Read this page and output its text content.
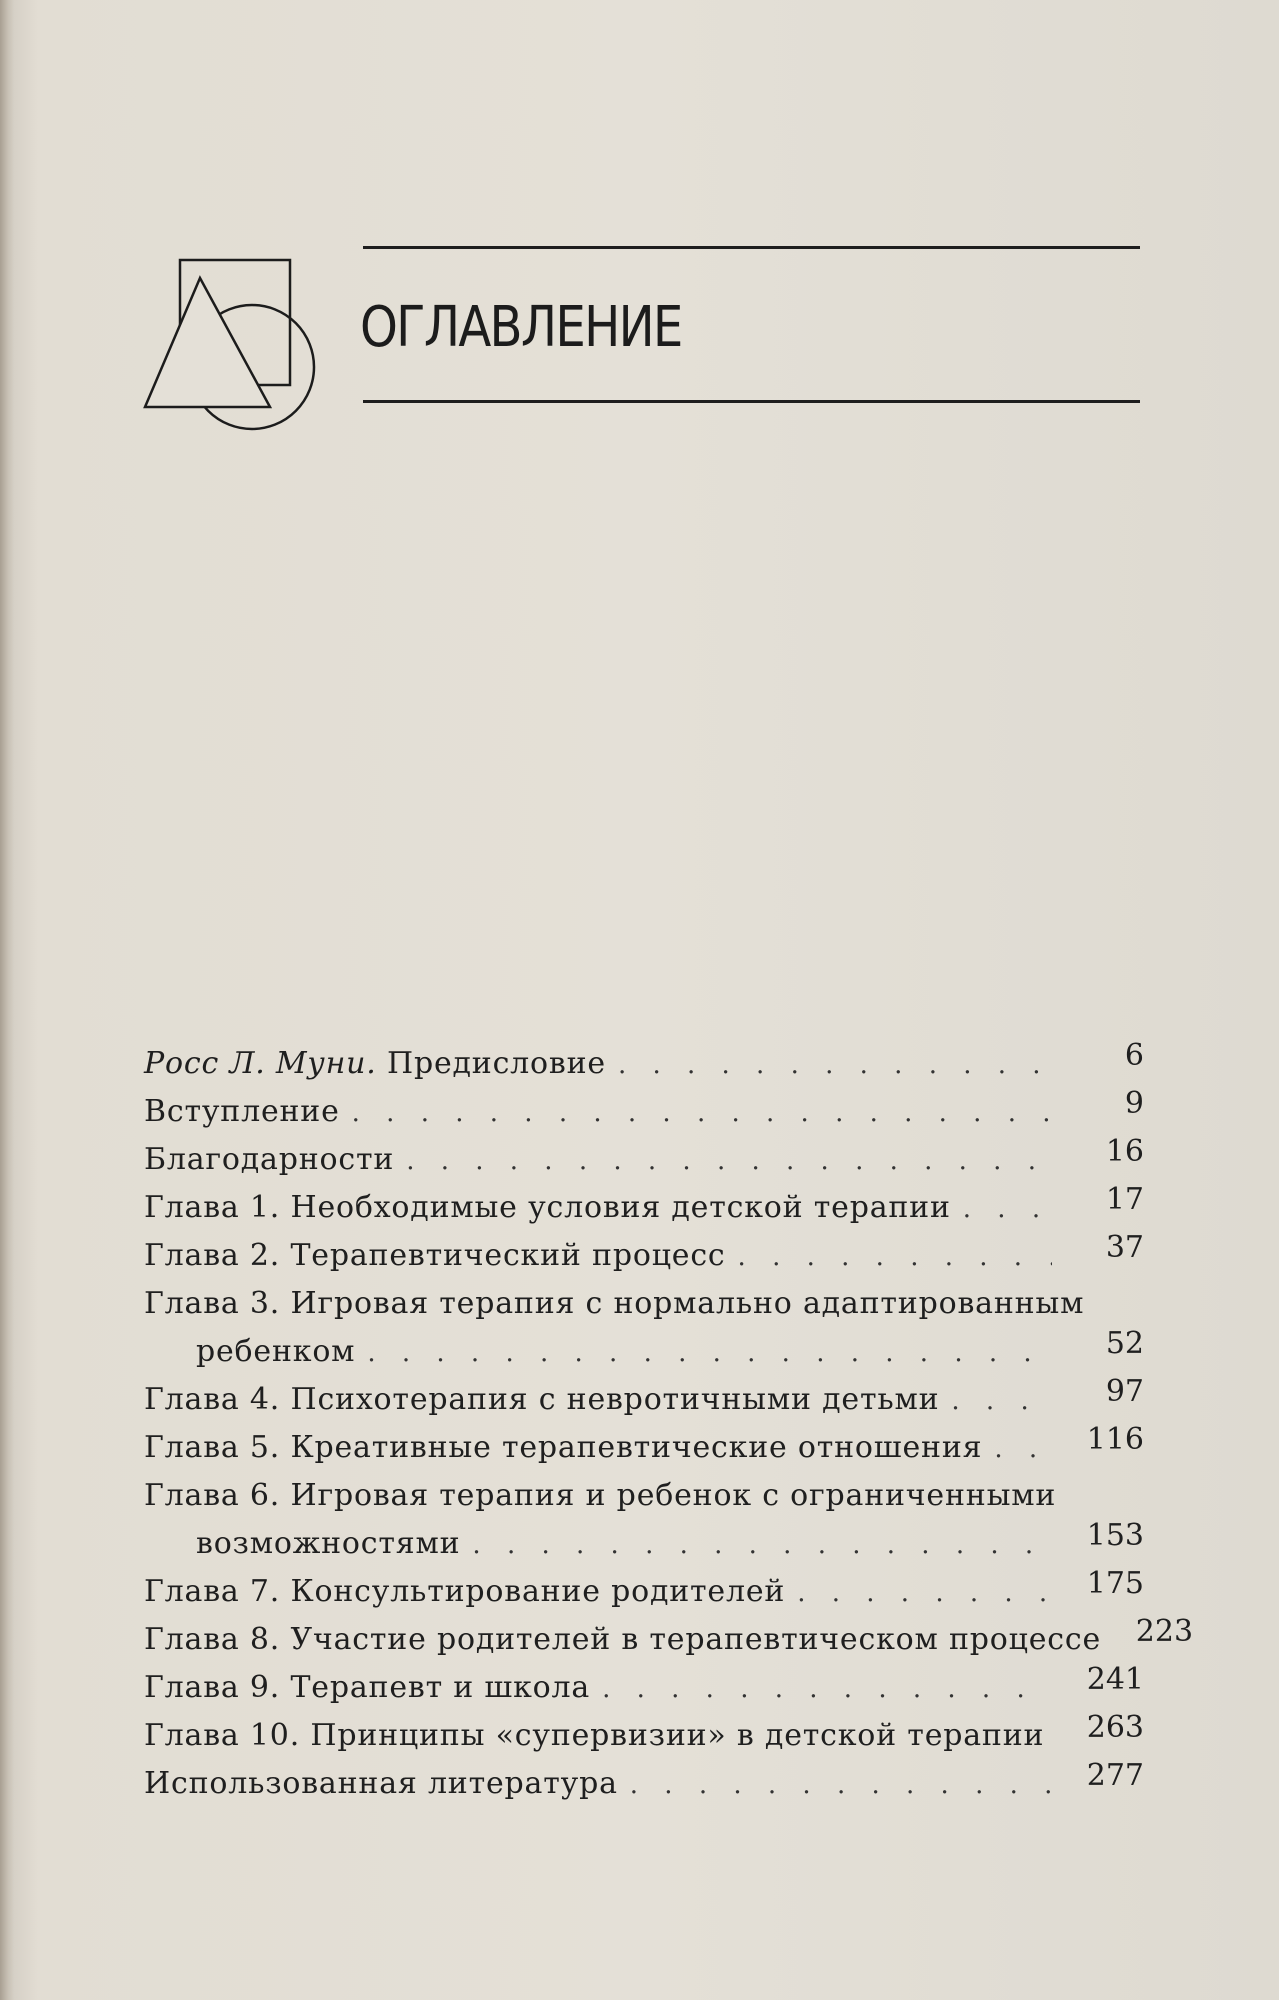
ОГЛАВЛЕНИЕ
Росс Л. Муни. Предисловие . . .	6
Вступление . . .	9
Благодарности . . .	16
Глава 1. Необходимые условия детской терапии . . .	17
Глава 2. Терапевтический процесс . . .	37
Глава 3. Игровая терапия с нормально адаптированным
ребенком . . .	52
Глава 4. Психотерапия с невротичными детьми . . .	97
Глава 5. Креативные терапевтические отношения . . .	116
Глава 6. Игровая терапия и ребенок с ограниченными
возможностями . . .	153
Глава 7. Консультирование родителей . . .	175
Глава 8. Участие родителей в терапевтическом процессе	223
Глава 9. Терапевт и школа . . .	241
Глава 10. Принципы «супервизии» в детской терапии	263
Использованная литература . . .	277
